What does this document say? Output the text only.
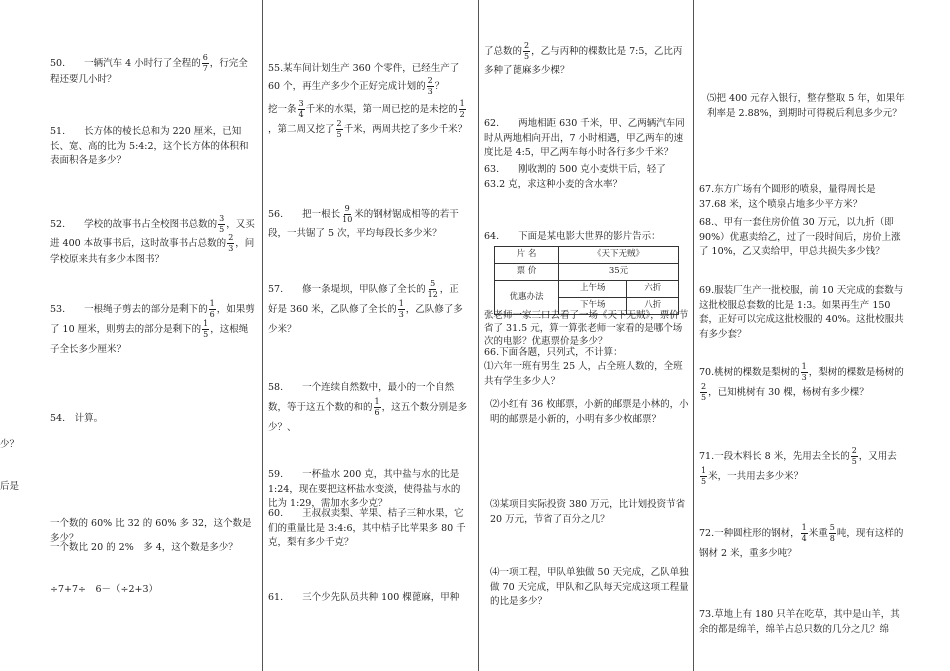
少？

后是

50.　　一辆汽车 4 小时行了全程的 $\frac{6}{7}$ ，行完全程还要几小时？

51.　　长方体的棱长总和为 220 厘米，已知长、宽、高的比为 5:4:2，这个长方体的体积和表面积各是多少？

52.　　学校的故事书占全校图书总数的 $\frac{3}{5}$ ，又买进 400 本故事书后，这时故事书占总数的 $\frac{2}{3}$ ，问学校原来共有多少本图书？

53.　　一根绳子剪去的部分是剩下的 $\frac{1}{6}$ ，如果剪了 10 厘米，则剪去的部分是剩下的 $\frac{1}{5}$ ，这根绳子全长多少厘米？

54.　计算。

一个数的 60% 比 32 的 60% 多 32，这个数是多少？

一个数比 20 的 2%　多 4，这个数是多少？

÷7+7÷　6－（÷2+3）

55.某车间计划生产 360 个零件，已经生产了 60 个，再生产多少个正好完成计划的 $\frac{2}{3}$ ？

挖一条 $\frac{3}{4}$ 千米的水渠，第一周已挖的是未挖的 $\frac{1}{2}$
，第二周又挖了 $\frac{2}{5}$ 千米，两周共挖了多少千米？

56.　　把一根长 $\frac{9}{10}$ 米的钢材锯成相等的若干段，一共锯了 5 次，平均每段长多少米？

57.　　修一条堤坝，甲队修了全长的 $\frac{5}{12}$ ，正好是 360 米，乙队修了全长的 $\frac{1}{3}$ ，乙队修了多少米？

58.　　一个连续自然数中，最小的一个自然数，等于这五个数的和的 $\frac{1}{6}$ ，这五个数分别是多少？、

59.　　一杯盐水 200 克，其中盐与水的比是 1:24，现在要把这杯盐水变淡，使得盐与水的比为 1:29，需加水多少克？

60.　　王叔叔卖梨、苹果、桔子三种水果，它们的重量比是 3:4:6，其中桔子比苹果多 80 千克，梨有多少千克？

61.　　三个少先队员共种 100 棵蓖麻，甲种

了总数的 $\frac{2}{5}$ ，乙与丙种的棵数比是 7:5，乙比丙多种了蓖麻多少棵？

62.　　两地相距 630 千米，甲、乙两辆汽车同时从两地相向开出，7 小时相遇，甲乙两车的速度比是 4:5，甲乙两车每小时各行多少千米？

63.　　刚收割的 500 克小麦烘干后，轻了 63.2 克，求这种小麦的含水率？

64.　　下面是某电影大世界的影片告示：

片 名	《天下无贼》	
票 价	35元	
优惠办法	上午场	六折
	下午场	八折

张老师一家三口去看了一场《天下无贼》，票价节省了 31.5 元，算一算张老师一家看的是哪个场次的电影？优惠票价是多少？

66.下面各题，只列式，不计算：

⑴六年一班有男生 25 人，占全班人数的，全班共有学生多少人？

⑵小红有 36 枚邮票，小新的邮票是小林的，小明的邮票是小新的，小明有多少枚邮票？

⑶某项目实际投资 380 万元，比计划投资节省 20 万元，节省了百分之几？

⑷一项工程，甲队单独做 50 天完成，乙队单独做 70 天完成，甲队和乙队每天完成这项工程量的比是多少？

⑸把 400 元存入银行，整存整取 5 年，如果年利率是 2.88%，到期时可得税后利息多少元？

67.东方广场有个圆形的喷泉，量得周长是 37.68 米，这个喷泉占地多少平方米？

68.、甲有一套住房价值 30 万元，以九折（即 90%）优惠卖给乙，过了一段时间后，房价上涨了 10%，乙又卖给甲，甲总共损失多少钱？

69.服装厂生产一批校服，前 10 天完成的套数与这批校服总套数的比是 1:3。如果再生产 150 套，正好可以完成这批校服的 40%。这批校服共有多少套？

70.桃树的棵数是梨树的 $\frac{1}{3}$ ，梨树的棵数是杨树的
$\frac{2}{5}$ ，已知桃树有 30 棵，杨树有多少棵？

71.一段木料长 8 米，先用去全长的 $\frac{2}{5}$ ，又用去
$\frac{1}{5}$ 米，一共用去多少米？

72.一种圆柱形的钢材， $\frac{1}{4}$ 米重 $\frac{5}{8}$ 吨，现有这样的钢材 2 米，重多少吨？

73.草地上有 180 只羊在吃草，其中是山羊，其余的都是绵羊，绵羊占总只数的几分之几？绵
